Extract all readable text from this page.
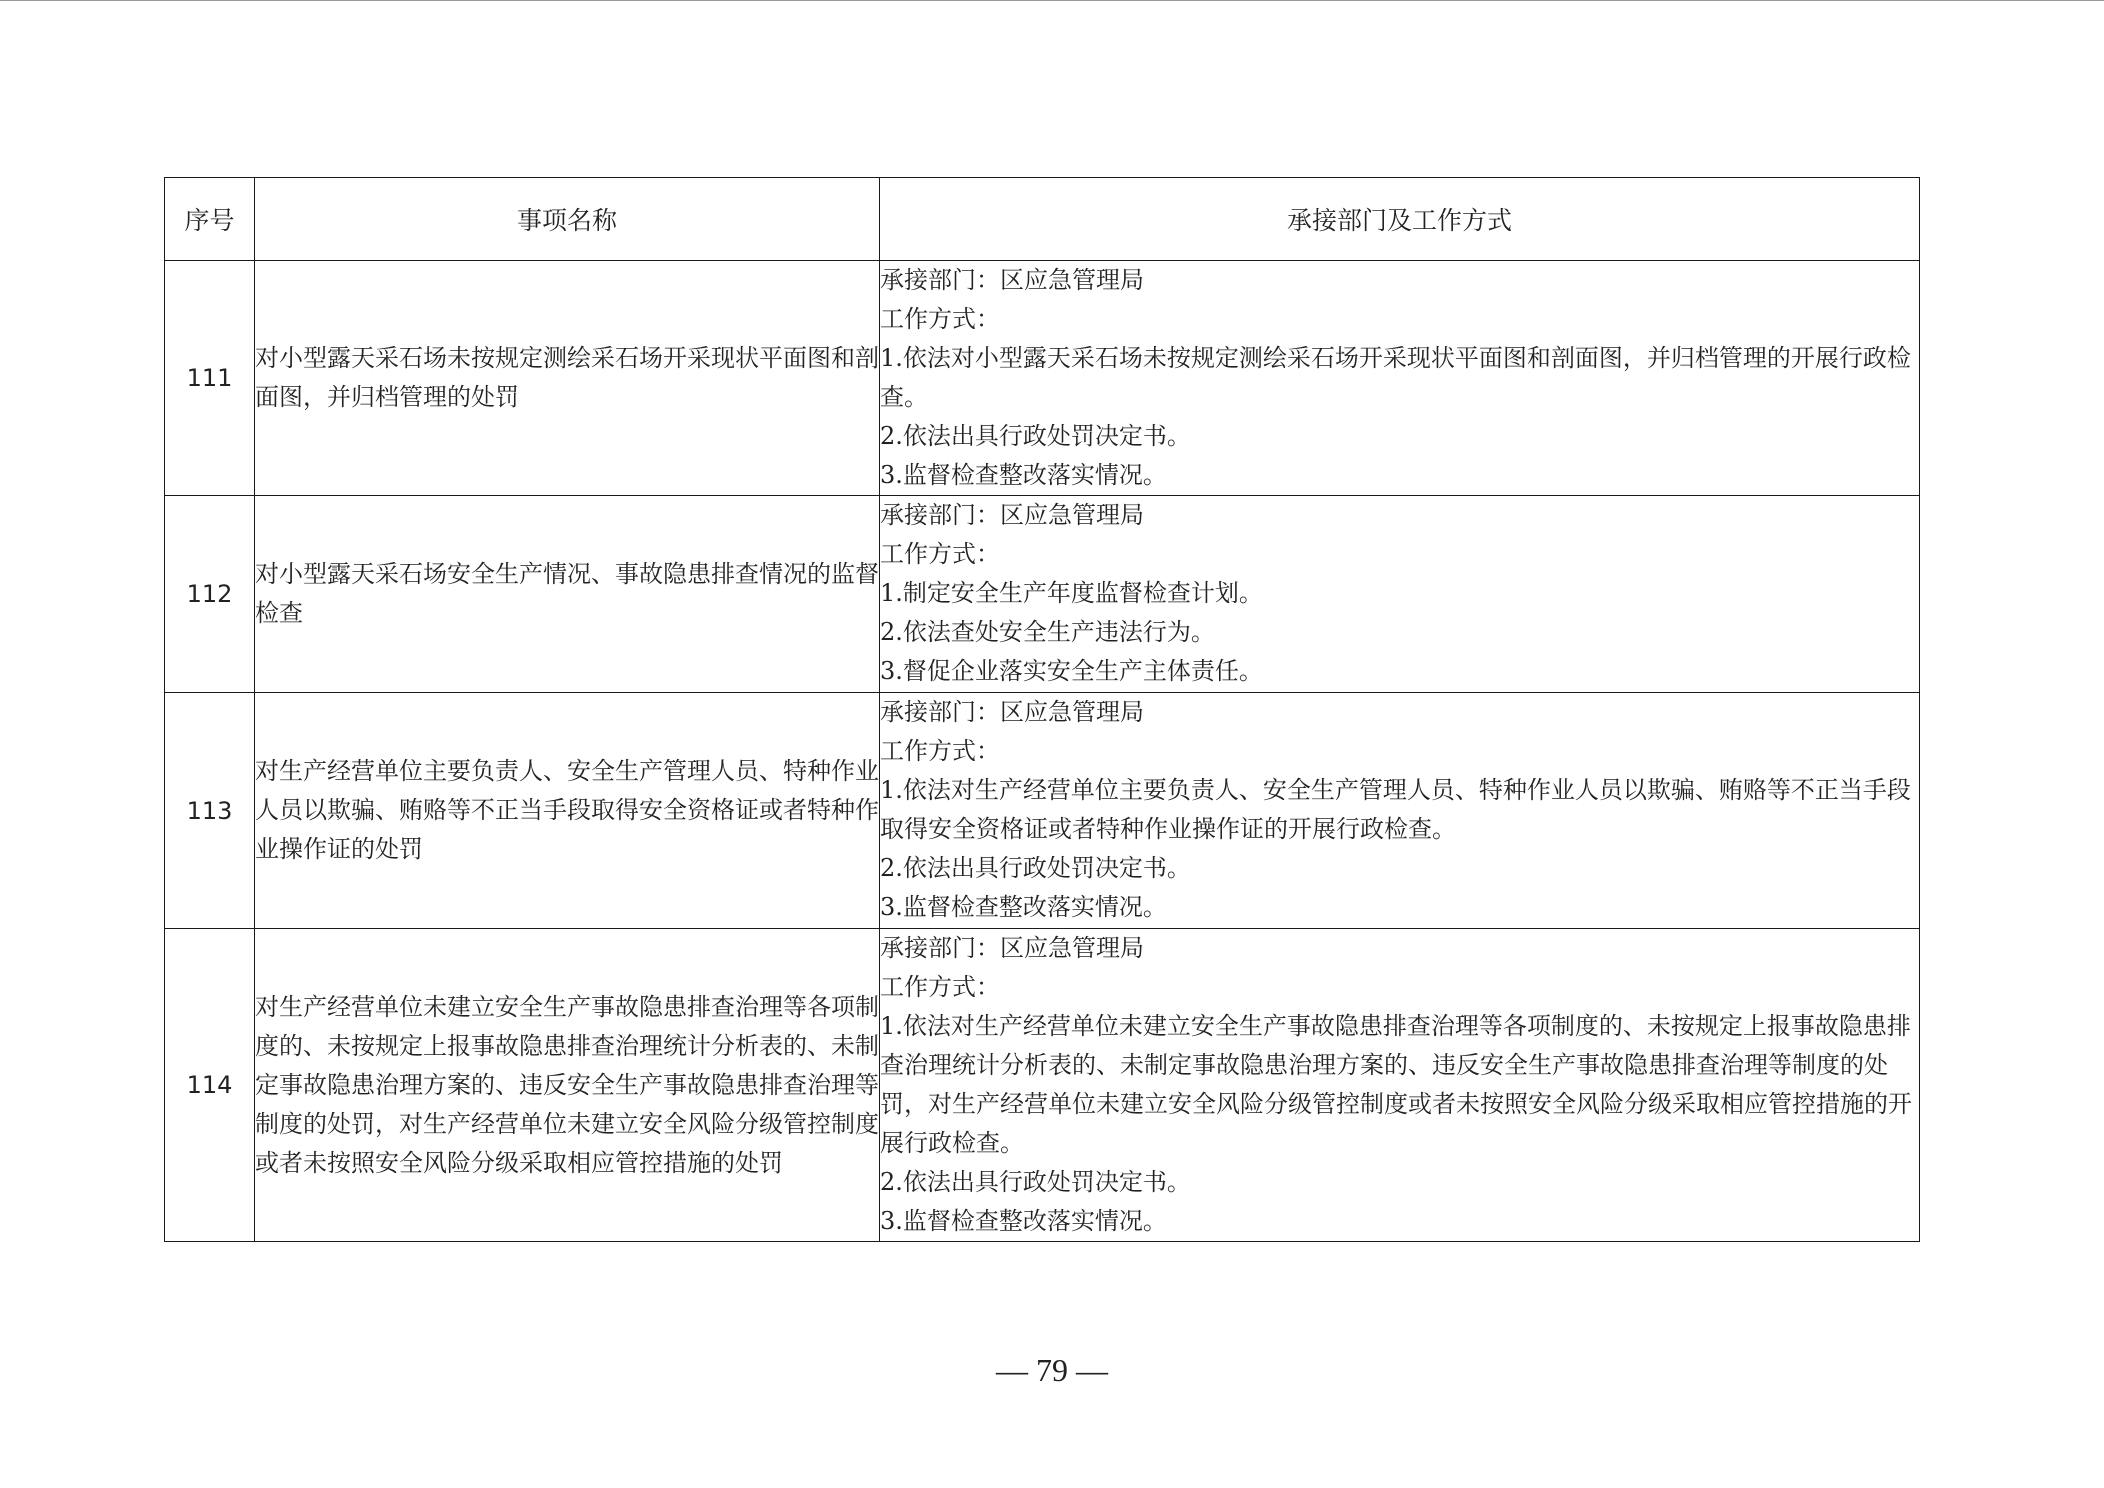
序号	事项名称	承接部门及工作方式
111	对小型露天采石场未按规定测绘采石场开采现状平面图和剖面图，并归档管理的处罚	承接部门：区应急管理局
工作方式：
1.依法对小型露天采石场未按规定测绘采石场开采现状平面图和剖面图，并归档管理的开展行政检查。
2.依法出具行政处罚决定书。
3.监督检查整改落实情况。

112	对小型露天采石场安全生产情况、事故隐患排查情况的监督检查	承接部门：区应急管理局
工作方式：
1.制定安全生产年度监督检查计划。
2.依法查处安全生产违法行为。
3.督促企业落实安全生产主体责任。

113	对生产经营单位主要负责人、安全生产管理人员、特种作业人员以欺骗、贿赂等不正当手段取得安全资格证或者特种作业操作证的处罚	承接部门：区应急管理局
工作方式：
1.依法对生产经营单位主要负责人、安全生产管理人员、特种作业人员以欺骗、贿赂等不正当手段取得安全资格证或者特种作业操作证的开展行政检查。
2.依法出具行政处罚决定书。
3.监督检查整改落实情况。

114	对生产经营单位未建立安全生产事故隐患排查治理等各项制度的、未按规定上报事故隐患排查治理统计分析表的、未制定事故隐患治理方案的、违反安全生产事故隐患排查治理等制度的处罚，对生产经营单位未建立安全风险分级管控制度或者未按照安全风险分级采取相应管控措施的处罚	承接部门：区应急管理局
工作方式：
1.依法对生产经营单位未建立安全生产事故隐患排查治理等各项制度的、未按规定上报事故隐患排查治理统计分析表的、未制定事故隐患治理方案的、违反安全生产事故隐患排查治理等制度的处罚，对生产经营单位未建立安全风险分级管控制度或者未按照安全风险分级采取相应管控措施的开展行政检查。
2.依法出具行政处罚决定书。
3.监督检查整改落实情况。
— 79 —
